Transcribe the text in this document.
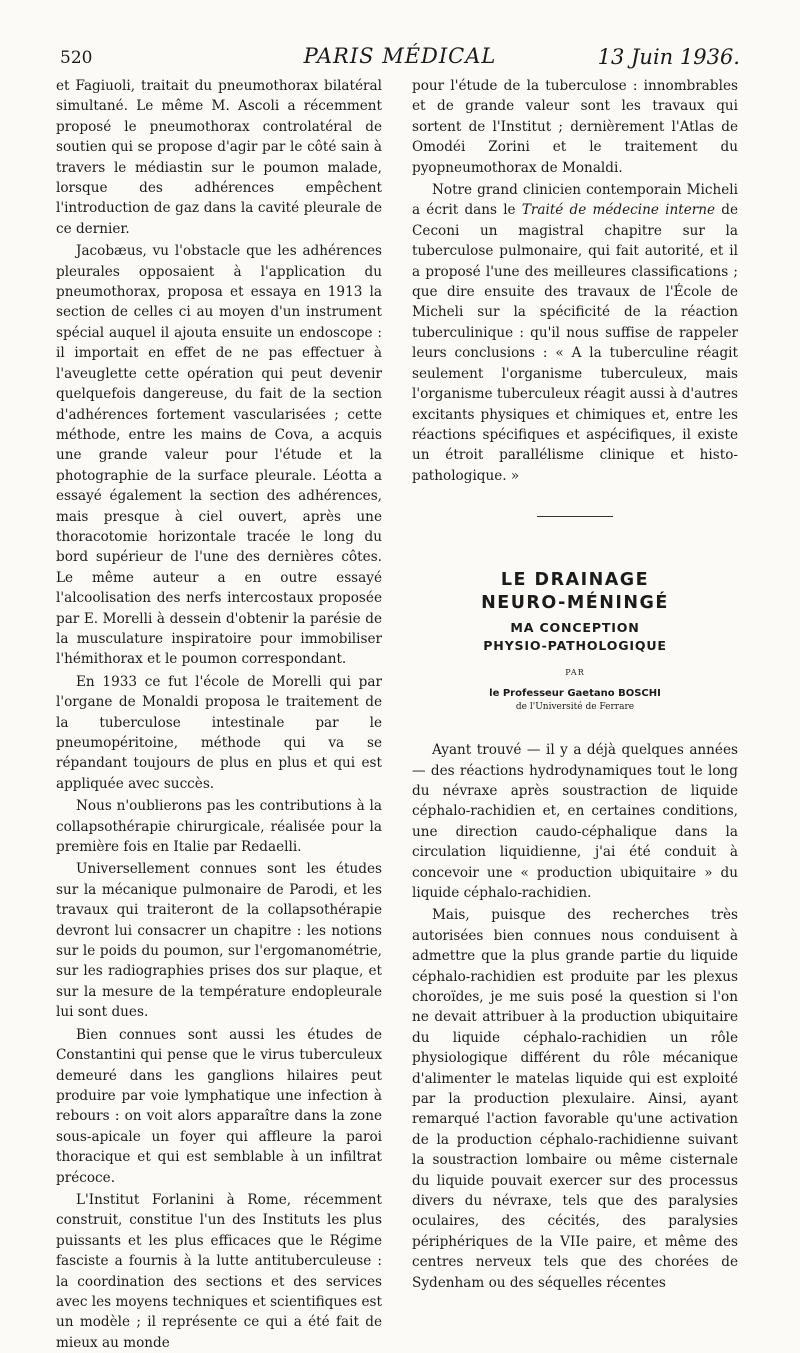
520	PARIS MÉDICAL	13 Juin 1936.

et Fagiuoli, traitait du pneumothorax bilatéral simultané. Le même M. Ascoli a récemment proposé le pneumothorax controlatéral de soutien qui se propose d'agir par le côté sain à travers le médiastin sur le poumon malade, lorsque des adhérences empêchent l'introduction de gaz dans la cavité pleurale de ce dernier.

Jacobæus, vu l'obstacle que les adhérences pleurales opposaient à l'application du pneumothorax, proposa et essaya en 1913 la section de celles ci au moyen d'un instrument spécial auquel il ajouta ensuite un endoscope : il importait en effet de ne pas effectuer à l'aveuglette cette opération qui peut devenir quelquefois dangereuse, du fait de la section d'adhérences fortement vascularisées ; cette méthode, entre les mains de Cova, a acquis une grande valeur pour l'étude et la photographie de la surface pleurale. Léotta a essayé également la section des adhérences, mais presque à ciel ouvert, après une thoracotomie horizontale tracée le long du bord supérieur de l'une des dernières côtes. Le même auteur a en outre essayé l'alcoolisation des nerfs intercostaux proposée par E. Morelli à dessein d'obtenir la parésie de la musculature inspiratoire pour immobiliser l'hémithorax et le poumon correspondant.

En 1933 ce fut l'école de Morelli qui par l'organe de Monaldi proposa le traitement de la tuberculose intestinale par le pneumopéritoine, méthode qui va se répandant toujours de plus en plus et qui est appliquée avec succès.

Nous n'oublierons pas les contributions à la collapsothérapie chirurgicale, réalisée pour la première fois en Italie par Redaelli.

Universellement connues sont les études sur la mécanique pulmonaire de Parodi, et les travaux qui traiteront de la collapsothérapie devront lui consacrer un chapitre : les notions sur le poids du poumon, sur l'ergomanométrie, sur les radiographies prises dos sur plaque, et sur la mesure de la température endopleurale lui sont dues.

Bien connues sont aussi les études de Constantini qui pense que le virus tuberculeux demeuré dans les ganglions hilaires peut produire par voie lymphatique une infection à rebours : on voit alors apparaître dans la zone sous-apicale un foyer qui affleure la paroi thoracique et qui est semblable à un infiltrat précoce.

L'Institut Forlanini à Rome, récemment construit, constitue l'un des Instituts les plus puissants et les plus efficaces que le Régime fasciste a fournis à la lutte antituberculeuse : la coordination des sections et des services avec les moyens techniques et scientifiques est un modèle ; il représente ce qui a été fait de mieux au monde

pour l'étude de la tuberculose : innombrables et de grande valeur sont les travaux qui sortent de l'Institut ; dernièrement l'Atlas de Omodéi Zorini et le traitement du pyopneumothorax de Monaldi.

Notre grand clinicien contemporain Micheli a écrit dans le Traité de médecine interne de Ceconi un magistral chapitre sur la tuberculose pulmonaire, qui fait autorité, et il a proposé l'une des meilleures classifications ; que dire ensuite des travaux de l'École de Micheli sur la spécificité de la réaction tuberculinique : qu'il nous suffise de rappeler leurs conclusions : « A la tuberculine réagit seulement l'organisme tuberculeux, mais l'organisme tuberculeux réagit aussi à d'autres excitants physiques et chimiques et, entre les réactions spécifiques et aspécifiques, il existe un étroit parallélisme clinique et histo-pathologique. »

LE DRAINAGE
NEURO-MÉNINGÉ
MA CONCEPTION
PHYSIO-PATHOLOGIQUE
PAR
le Professeur Gaetano BOSCHI
de l'Université de Ferrare

Ayant trouvé — il y a déjà quelques années — des réactions hydrodynamiques tout le long du névraxe après soustraction de liquide céphalo-rachidien et, en certaines conditions, une direction caudo-céphalique dans la circulation liquidienne, j'ai été conduit à concevoir une « production ubiquitaire » du liquide céphalo-rachidien.

Mais, puisque des recherches très autorisées bien connues nous conduisent à admettre que la plus grande partie du liquide céphalo-rachidien est produite par les plexus choroïdes, je me suis posé la question si l'on ne devait attribuer à la production ubiquitaire du liquide céphalo-rachidien un rôle physiologique différent du rôle mécanique d'alimenter le matelas liquide qui est exploité par la production plexulaire. Ainsi, ayant remarqué l'action favorable qu'une activation de la production céphalo-rachidienne suivant la soustraction lombaire ou même cisternale du liquide pouvait exercer sur des processus divers du névraxe, tels que des paralysies oculaires, des cécités, des paralysies périphériques de la VIIe paire, et même des centres nerveux tels que des chorées de Sydenham ou des séquelles récentes
